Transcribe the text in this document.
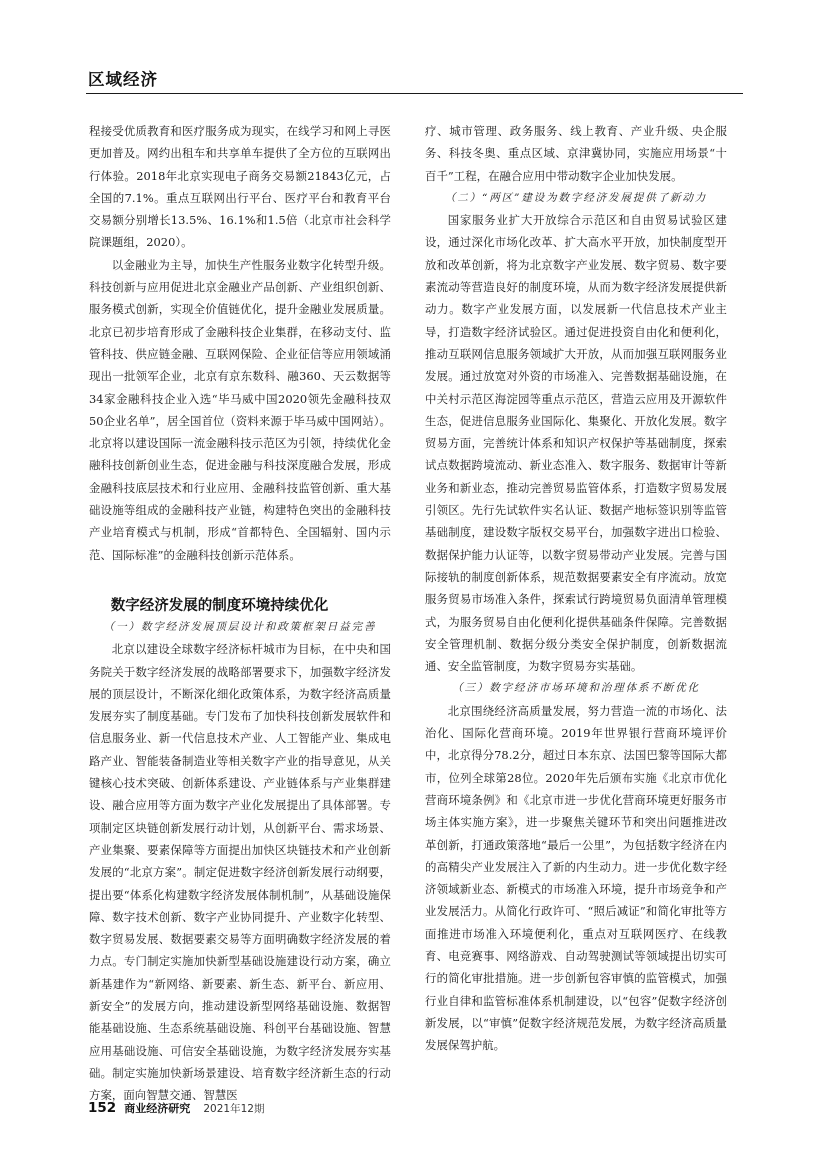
区域经济

程接受优质教育和医疗服务成为现实，在线学习和网上寻医更加普及。网约出租车和共享单车提供了全方位的互联网出行体验。2018年北京实现电子商务交易额21843亿元，占全国的7.1%。重点互联网出行平台、医疗平台和教育平台交易额分别增长13.5%、16.1%和1.5倍（北京市社会科学院课题组，2020）。

以金融业为主导，加快生产性服务业数字化转型升级。科技创新与应用促进北京金融业产品创新、产业组织创新、服务模式创新，实现全价值链优化，提升金融业发展质量。北京已初步培育形成了金融科技企业集群，在移动支付、监管科技、供应链金融、互联网保险、企业征信等应用领域涌现出一批领军企业，北京有京东数科、融360、天云数据等34家金融科技企业入选“毕马威中国2020领先金融科技双50企业名单”，居全国首位（资料来源于毕马威中国网站）。北京将以建设国际一流金融科技示范区为引领，持续优化金融科技创新创业生态，促进金融与科技深度融合发展，形成金融科技底层技术和行业应用、金融科技监管创新、重大基础设施等组成的金融科技产业链，构建特色突出的金融科技产业培育模式与机制，形成“首都特色、全国辐射、国内示范、国际标准”的金融科技创新示范体系。

数字经济发展的制度环境持续优化
（一）数字经济发展顶层设计和政策框架日益完善

北京以建设全球数字经济标杆城市为目标，在中央和国务院关于数字经济发展的战略部署要求下，加强数字经济发展的顶层设计，不断深化细化政策体系，为数字经济高质量发展夯实了制度基础。专门发布了加快科技创新发展软件和信息服务业、新一代信息技术产业、人工智能产业、集成电路产业、智能装备制造业等相关数字产业的指导意见，从关键核心技术突破、创新体系建设、产业链体系与产业集群建设、融合应用等方面为数字产业化发展提出了具体部署。专项制定区块链创新发展行动计划，从创新平台、需求场景、产业集聚、要素保障等方面提出加快区块链技术和产业创新发展的“北京方案”。制定促进数字经济创新发展行动纲要，提出要“体系化构建数字经济发展体制机制”，从基础设施保障、数字技术创新、数字产业协同提升、产业数字化转型、数字贸易发展、数据要素交易等方面明确数字经济发展的着力点。专门制定实施加快新型基础设施建设行动方案，确立新基建作为“新网络、新要素、新生态、新平台、新应用、新安全”的发展方向，推动建设新型网络基础设施、数据智能基础设施、生态系统基础设施、科创平台基础设施、智慧应用基础设施、可信安全基础设施，为数字经济发展夯实基础。制定实施加快新场景建设、培育数字经济新生态的行动方案，面向智慧交通、智慧医

疗、城市管理、政务服务、线上教育、产业升级、央企服务、科技冬奥、重点区域、京津冀协同，实施应用场景“十百千”工程，在融合应用中带动数字企业加快发展。

（二）“两区”建设为数字经济发展提供了新动力

国家服务业扩大开放综合示范区和自由贸易试验区建设，通过深化市场化改革、扩大高水平开放，加快制度型开放和改革创新，将为北京数字产业发展、数字贸易、数字要素流动等营造良好的制度环境，从而为数字经济发展提供新动力。数字产业发展方面，以发展新一代信息技术产业主导，打造数字经济试验区。通过促进投资自由化和便利化，推动互联网信息服务领域扩大开放，从而加强互联网服务业发展。通过放宽对外资的市场准入、完善数据基础设施，在中关村示范区海淀园等重点示范区，营造云应用及开源软件生态，促进信息服务业国际化、集聚化、开放化发展。数字贸易方面，完善统计体系和知识产权保护等基础制度，探索试点数据跨境流动、新业态准入、数字服务、数据审计等新业务和新业态，推动完善贸易监管体系，打造数字贸易发展引领区。先行先试软件实名认证、数据产地标签识别等监管基础制度，建设数字版权交易平台，加强数字进出口检验、数据保护能力认证等，以数字贸易带动产业发展。完善与国际接轨的制度创新体系，规范数据要素安全有序流动。放宽服务贸易市场准入条件，探索试行跨境贸易负面清单管理模式，为服务贸易自由化便利化提供基础条件保障。完善数据安全管理机制、数据分级分类安全保护制度，创新数据流通、安全监管制度，为数字贸易夯实基础。

（三）数字经济市场环境和治理体系不断优化

北京围绕经济高质量发展，努力营造一流的市场化、法治化、国际化营商环境。2019年世界银行营商环境评价中，北京得分78.2分，超过日本东京、法国巴黎等国际大都市，位列全球第28位。2020年先后颁布实施《北京市优化营商环境条例》和《北京市进一步优化营商环境更好服务市场主体实施方案》，进一步聚焦关键环节和突出问题推进改革创新，打通政策落地“最后一公里”，为包括数字经济在内的高精尖产业发展注入了新的内生动力。进一步优化数字经济领域新业态、新模式的市场准入环境，提升市场竞争和产业发展活力。从简化行政许可、“照后减证”和简化审批等方面推进市场准入环境便利化，重点对互联网医疗、在线教育、电竞赛事、网络游戏、自动驾驶测试等领域提出切实可行的简化审批措施。进一步创新包容审慎的监管模式，加强行业自律和监管标准体系机制建设，以“包容”促数字经济创新发展，以“审慎”促数字经济规范发展，为数字经济高质量发展保驾护航。

152 商业经济研究 2021年12期
